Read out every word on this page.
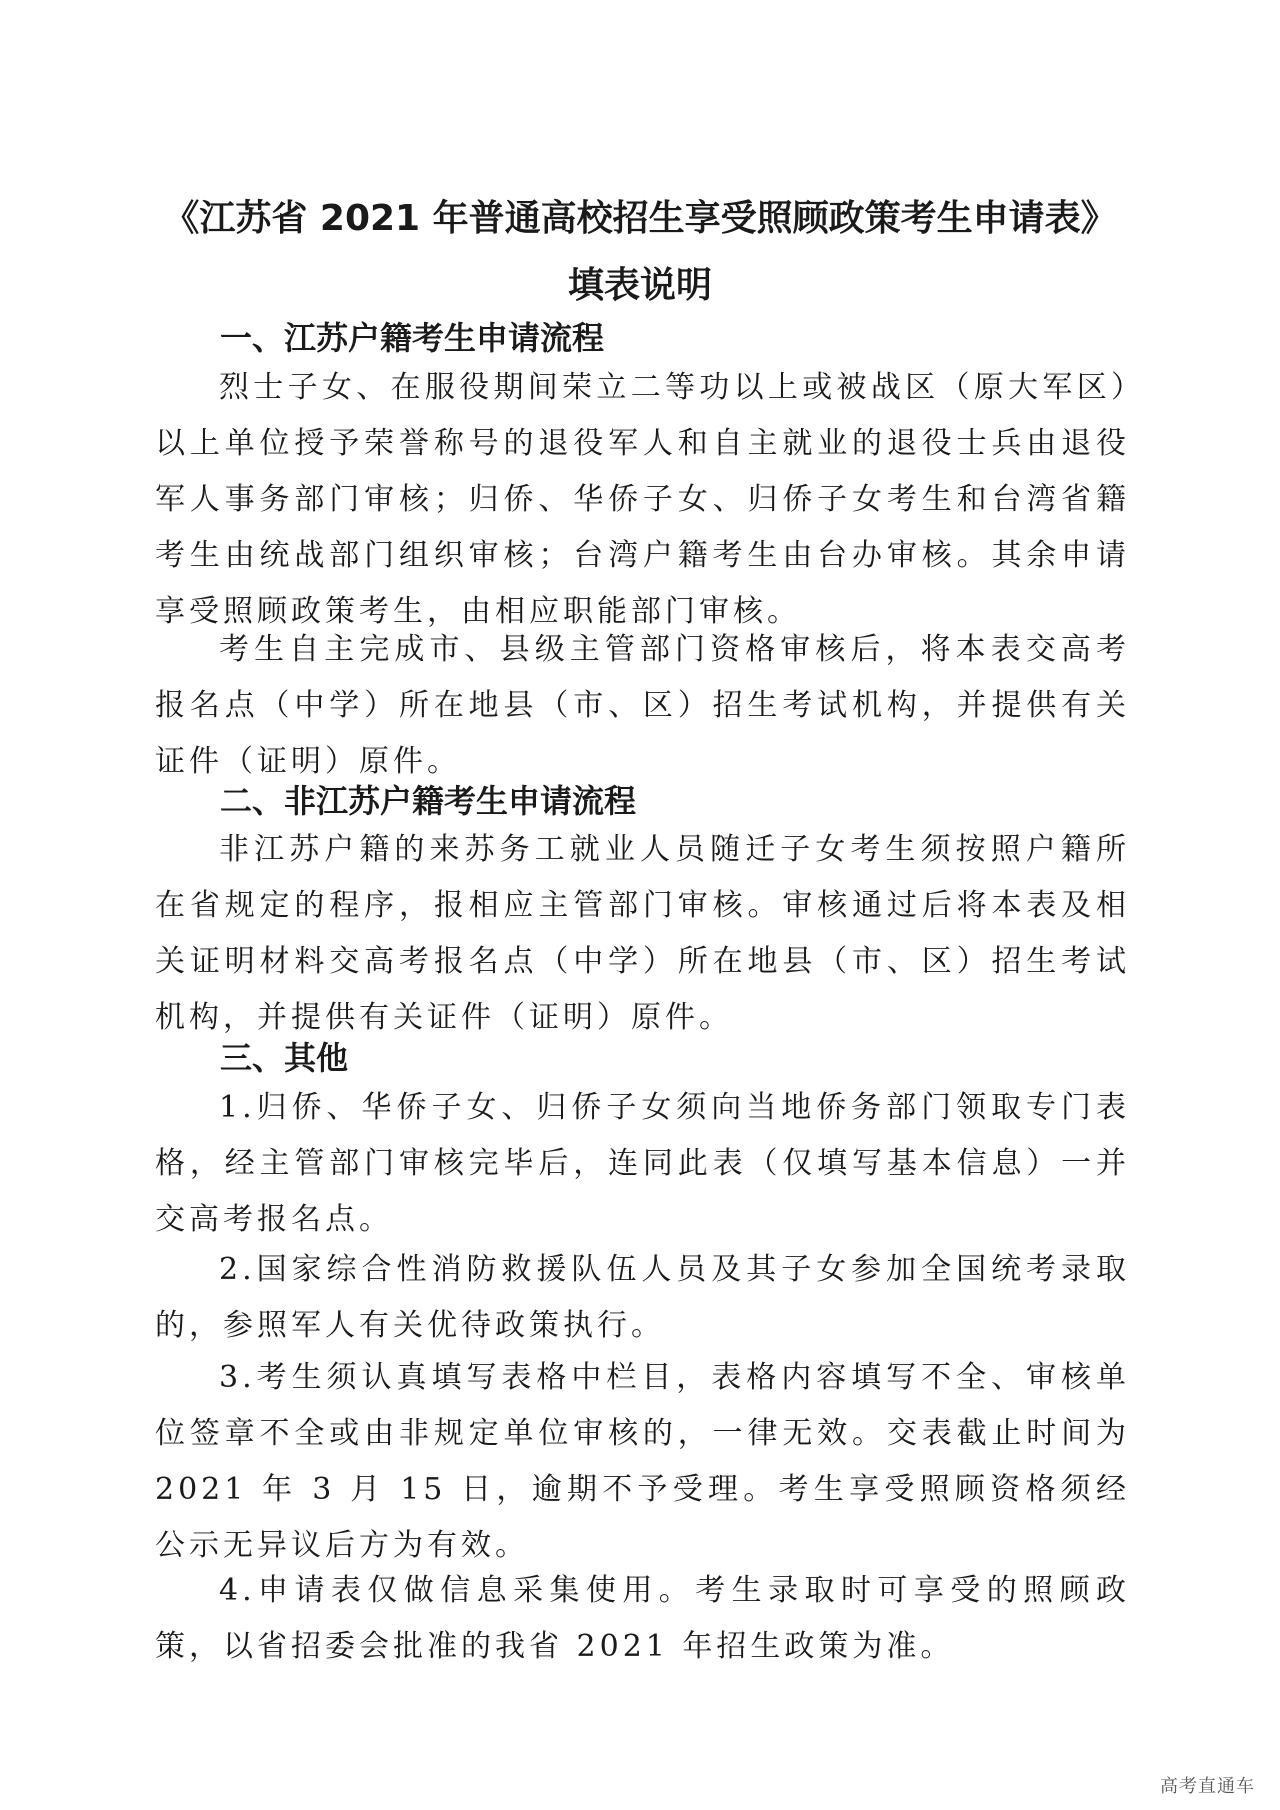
《江苏省 2021 年普通高校招生享受照顾政策考生申请表》
填表说明
一、江苏户籍考生申请流程
烈士子女、在服役期间荣立二等功以上或被战区（原大军区）以上单位授予荣誉称号的退役军人和自主就业的退役士兵由退役军人事务部门审核；归侨、华侨子女、归侨子女考生和台湾省籍考生由统战部门组织审核；台湾户籍考生由台办审核。其余申请享受照顾政策考生，由相应职能部门审核。
考生自主完成市、县级主管部门资格审核后，将本表交高考报名点（中学）所在地县（市、区）招生考试机构，并提供有关证件（证明）原件。
二、非江苏户籍考生申请流程
非江苏户籍的来苏务工就业人员随迁子女考生须按照户籍所在省规定的程序，报相应主管部门审核。审核通过后将本表及相关证明材料交高考报名点（中学）所在地县（市、区）招生考试机构，并提供有关证件（证明）原件。
三、其他
1.归侨、华侨子女、归侨子女须向当地侨务部门领取专门表格，经主管部门审核完毕后，连同此表（仅填写基本信息）一并交高考报名点。
2.国家综合性消防救援队伍人员及其子女参加全国统考录取的，参照军人有关优待政策执行。
3.考生须认真填写表格中栏目，表格内容填写不全、审核单位签章不全或由非规定单位审核的，一律无效。交表截止时间为 2021 年 3 月 15 日，逾期不予受理。考生享受照顾资格须经公示无异议后方为有效。
4.申请表仅做信息采集使用。考生录取时可享受的照顾政策，以省招委会批准的我省 2021 年招生政策为准。
高考直通车
